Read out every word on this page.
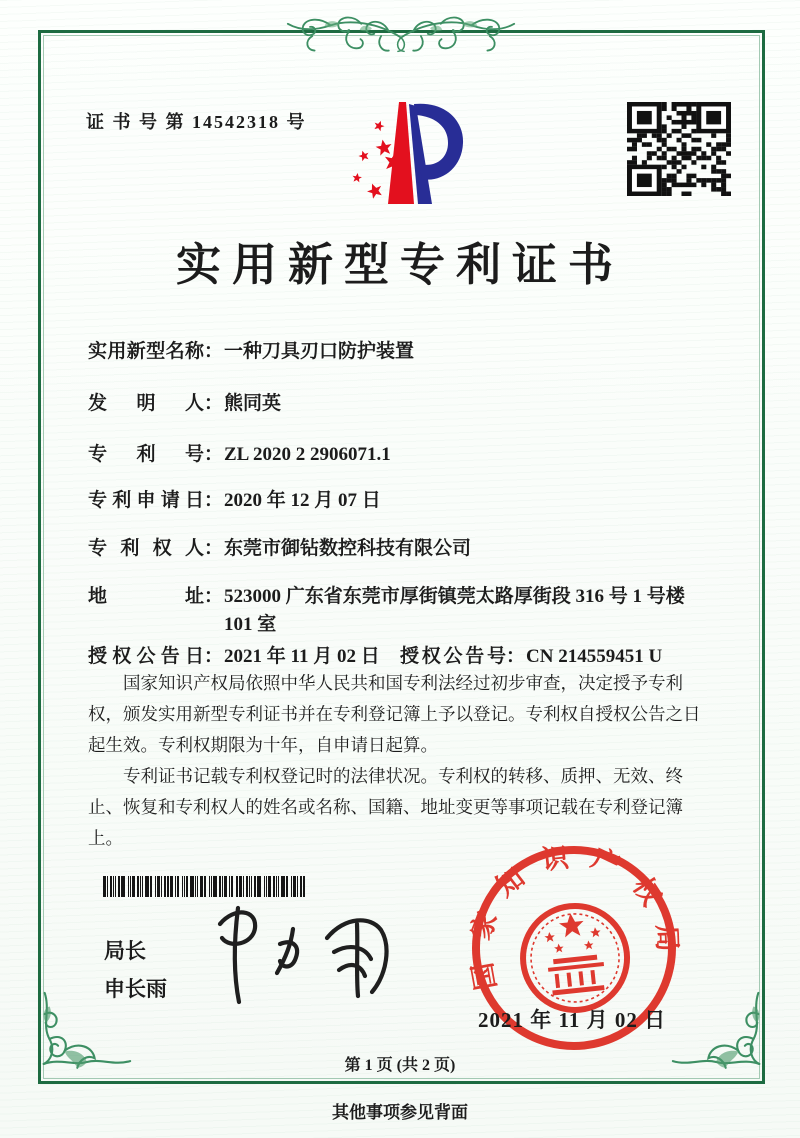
证 书 号 第 14542318 号
实用新型专利证书
实用新型名称 ： 一种刀具刃口防护装置
发明人 ： 熊同英
专利号 ： ZL 2020 2 2906071.1
专利申请日 ： 2020 年 12 月 07 日
专利权人 ： 东莞市御钻数控科技有限公司
地址 ： 523000 广东省东莞市厚街镇莞太路厚街段 316 号 1 号楼 101 室
授权公告日 ： 2021 年 11 月 02 日 授权公告号 ： CN 214559451 U

国家知识产权局依照中华人民共和国专利法经过初步审查，决定授予专利权，颁发实用新型专利证书并在专利登记簿上予以登记。专利权自授权公告之日起生效。专利权期限为十年，自申请日起算。

专利证书记载专利权登记时的法律状况。专利权的转移、质押、无效、终止、恢复和专利权人的姓名或名称、国籍、地址变更等事项记载在专利登记簿上。

局长
申长雨	国家知识产权局
2021 年 11 月 02 日
第 1 页 (共 2 页)
其他事项参见背面
